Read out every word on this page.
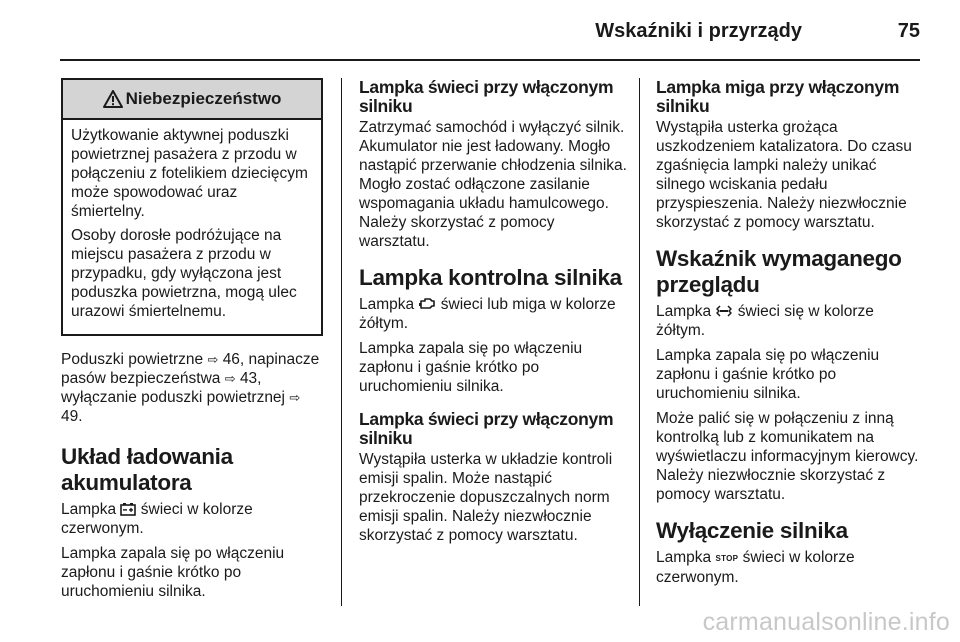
Wskaźniki i przyrządy	75
Niebezpieczeństwo

Użytkowanie aktywnej poduszki powietrznej pasażera z przodu w połączeniu z fotelikiem dziecięcym może spowodować uraz śmiertelny.

Osoby dorosłe podróżujące na miejscu pasażera z przodu w przypadku, gdy wyłączona jest poduszka powietrzna, mogą ulec urazowi śmiertelnemu.

Poduszki powietrzne ⇨ 46, napinacze pasów bezpieczeństwa ⇨ 43, wyłączanie poduszki powietrznej ⇨ 49.

Układ ładowania akumulatora

Lampka  świeci w kolorze czerwonym.

Lampka zapala się po włączeniu zapłonu i gaśnie krótko po uruchomieniu silnika.

Lampka świeci przy włączonym silniku

Zatrzymać samochód i wyłączyć silnik. Akumulator nie jest ładowany. Mogło nastąpić przerwanie chłodzenia silnika. Mogło zostać odłączone zasilanie wspomagania układu hamulcowego. Należy skorzystać z pomocy warsztatu.

Lampka kontrolna silnika

Lampka  świeci lub miga w kolorze żółtym.

Lampka zapala się po włączeniu zapłonu i gaśnie krótko po uruchomieniu silnika.

Lampka świeci przy włączonym silniku

Wystąpiła usterka w układzie kontroli emisji spalin. Może nastąpić przekroczenie dopuszczalnych norm emisji spalin. Należy niezwłocznie skorzystać z pomocy warsztatu.

Lampka miga przy włączonym silniku

Wystąpiła usterka grożąca uszkodzeniem katalizatora. Do czasu zgaśnięcia lampki należy unikać silnego wciskania pedału przyspieszenia. Należy niezwłocznie skorzystać z pomocy warsztatu.

Wskaźnik wymaganego przeglądu

Lampka  świeci się w kolorze żółtym.

Lampka zapala się po włączeniu zapłonu i gaśnie krótko po uruchomieniu silnika.

Może palić się w połączeniu z inną kontrolką lub z komunikatem na wyświetlaczu informacyjnym kierowcy. Należy niezwłocznie skorzystać z pomocy warsztatu.

Wyłączenie silnika

Lampka STOP świeci w kolorze czerwonym.

carmanualsonline.info
